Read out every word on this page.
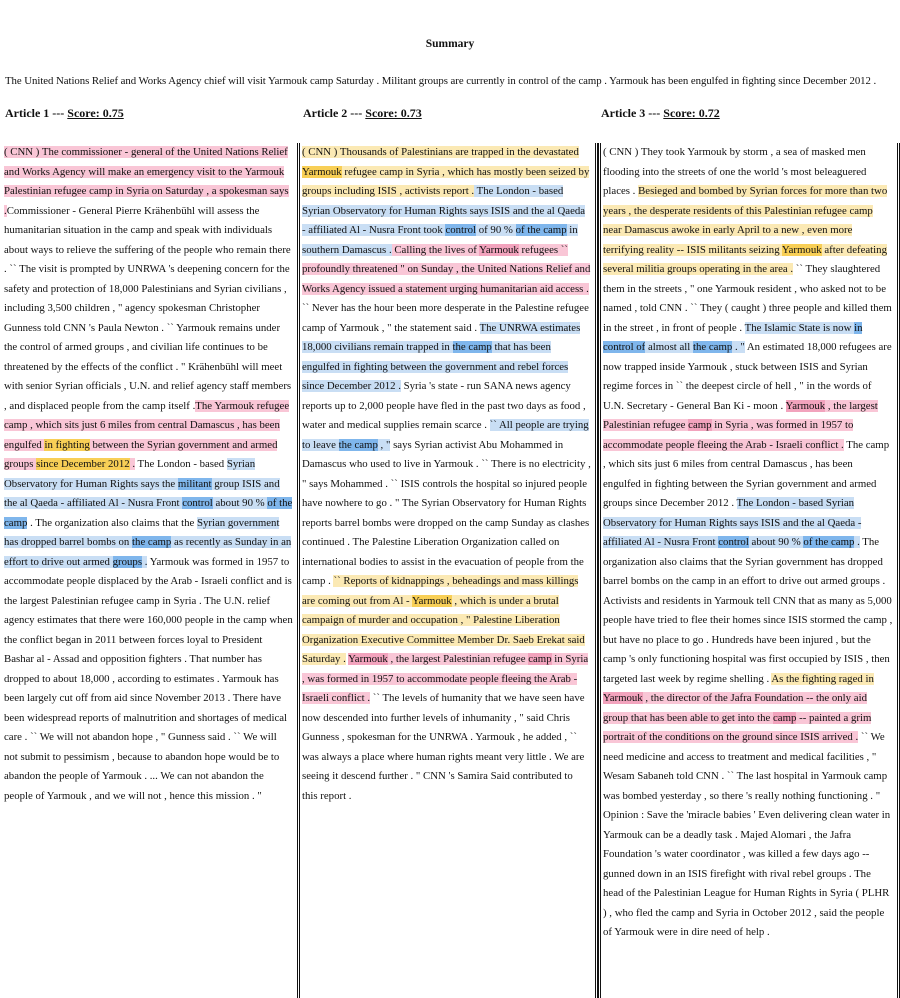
Summary
The United Nations Relief and Works Agency chief will visit Yarmouk camp Saturday . Militant groups are currently in control of the camp . Yarmouk has been engulfed in fighting since December 2012 .
Article 1 --- Score: 0.75	Article 2 --- Score: 0.73	Article 3 --- Score: 0.72

( CNN ) The commissioner - general of the United Nations Relief and Works Agency will make an emergency visit to the Yarmouk Palestinian refugee camp in Syria on Saturday , a spokesman says .Commissioner - General Pierre Krähenbühl will assess the humanitarian situation in the camp and speak with individuals about ways to relieve the suffering of the people who remain there . `` The visit is prompted by UNRWA 's deepening concern for the safety and protection of 18,000 Palestinians and Syrian civilians , including 3,500 children , " agency spokesman Christopher Gunness told CNN 's Paula Newton . `` Yarmouk remains under the control of armed groups , and civilian life continues to be threatened by the effects of the conflict . " Krähenbühl will meet with senior Syrian officials , U.N. and relief agency staff members , and displaced people from the camp itself .The Yarmouk refugee camp , which sits just 6 miles from central Damascus , has been engulfed in fighting between the Syrian government and armed groups since December 2012 . The London - based Syrian Observatory for Human Rights says the militant group ISIS and the al Qaeda - affiliated Al - Nusra Front control about 90 % of the camp . The organization also claims that the Syrian government has dropped barrel bombs on the camp as recently as Sunday in an effort to drive out armed groups . Yarmouk was formed in 1957 to accommodate people displaced by the Arab - Israeli conflict and is the largest Palestinian refugee camp in Syria . The U.N. relief agency estimates that there were 160,000 people in the camp when the conflict began in 2011 between forces loyal to President Bashar al - Assad and opposition fighters . That number has dropped to about 18,000 , according to estimates . Yarmouk has been largely cut off from aid since November 2013 . There have been widespread reports of malnutrition and shortages of medical care . `` We will not abandon hope , " Gunness said . `` We will not submit to pessimism , because to abandon hope would be to abandon the people of Yarmouk . ... We can not abandon the people of Yarmouk , and we will not , hence this mission . "

( CNN ) Thousands of Palestinians are trapped in the devastated Yarmouk refugee camp in Syria , which has mostly been seized by groups including ISIS , activists report . The London - based Syrian Observatory for Human Rights says ISIS and the al Qaeda - affiliated Al - Nusra Front took control of 90 % of the camp in southern Damascus . Calling the lives of Yarmouk refugees `` profoundly threatened " on Sunday , the United Nations Relief and Works Agency issued a statement urging humanitarian aid access . `` Never has the hour been more desperate in the Palestine refugee camp of Yarmouk , " the statement said . The UNRWA estimates 18,000 civilians remain trapped in the camp that has been engulfed in fighting between the government and rebel forces since December 2012 . Syria 's state - run SANA news agency reports up to 2,000 people have fled in the past two days as food , water and medical supplies remain scarce . `` All people are trying to leave the camp , " says Syrian activist Abu Mohammed in Damascus who used to live in Yarmouk . `` There is no electricity , " says Mohammed . `` ISIS controls the hospital so injured people have nowhere to go . " The Syrian Observatory for Human Rights reports barrel bombs were dropped on the camp Sunday as clashes continued . The Palestine Liberation Organization called on international bodies to assist in the evacuation of people from the camp . `` Reports of kidnappings , beheadings and mass killings are coming out from Al - Yarmouk , which is under a brutal campaign of murder and occupation , " Palestine Liberation Organization Executive Committee Member Dr. Saeb Erekat said Saturday . Yarmouk , the largest Palestinian refugee camp in Syria , was formed in 1957 to accommodate people fleeing the Arab - Israeli conflict . `` The levels of humanity that we have seen have now descended into further levels of inhumanity , " said Chris Gunness , spokesman for the UNRWA . Yarmouk , he added , `` was always a place where human rights meant very little . We are seeing it descend further . " CNN 's Samira Said contributed to this report .

( CNN ) They took Yarmouk by storm , a sea of masked men flooding into the streets of one the world 's most beleaguered places . Besieged and bombed by Syrian forces for more than two years , the desperate residents of this Palestinian refugee camp near Damascus awoke in early April to a new , even more terrifying reality -- ISIS militants seizing Yarmouk after defeating several militia groups operating in the area . `` They slaughtered them in the streets , " one Yarmouk resident , who asked not to be named , told CNN . `` They ( caught ) three people and killed them in the street , in front of people . The Islamic State is now in control of almost all the camp . " An estimated 18,000 refugees are now trapped inside Yarmouk , stuck between ISIS and Syrian regime forces in `` the deepest circle of hell , " in the words of U.N. Secretary - General Ban Ki - moon . Yarmouk , the largest Palestinian refugee camp in Syria , was formed in 1957 to accommodate people fleeing the Arab - Israeli conflict . The camp , which sits just 6 miles from central Damascus , has been engulfed in fighting between the Syrian government and armed groups since December 2012 . The London - based Syrian Observatory for Human Rights says ISIS and the al Qaeda - affiliated Al - Nusra Front control about 90 % of the camp . The organization also claims that the Syrian government has dropped barrel bombs on the camp in an effort to drive out armed groups . Activists and residents in Yarmouk tell CNN that as many as 5,000 people have tried to flee their homes since ISIS stormed the camp , but have no place to go . Hundreds have been injured , but the camp 's only functioning hospital was first occupied by ISIS , then targeted last week by regime shelling . As the fighting raged in Yarmouk , the director of the Jafra Foundation -- the only aid group that has been able to get into the camp -- painted a grim portrait of the conditions on the ground since ISIS arrived . `` We need medicine and access to treatment and medical facilities , " Wesam Sabaneh told CNN . `` The last hospital in Yarmouk camp was bombed yesterday , so there 's really nothing functioning . " Opinion : Save the 'miracle babies ' Even delivering clean water in Yarmouk can be a deadly task . Majed Alomari , the Jafra Foundation 's water coordinator , was killed a few days ago -- gunned down in an ISIS firefight with rival rebel groups . The head of the Palestinian League for Human Rights in Syria ( PLHR ) , who fled the camp and Syria in October 2012 , said the people of Yarmouk were in dire need of help .
